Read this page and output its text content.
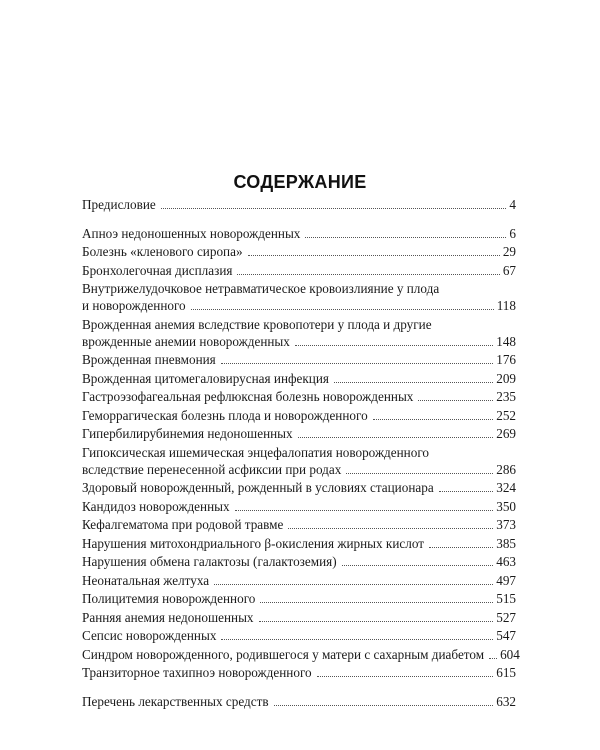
СОДЕРЖАНИЕ
Предисловие	4
Апноэ недоношенных новорожденных	6
Болезнь «кленового сиропа»	29
Бронхолегочная дисплазия	67
Внутрижелудочковое нетравматическое кровоизлияние у плода
и новорожденного	118
Врожденная анемия вследствие кровопотери у плода и другие
врожденные анемии новорожденных	148
Врожденная пневмония	176
Врожденная цитомегаловирусная инфекция	209
Гастроэзофагеальная рефлюксная болезнь новорожденных	235
Геморрагическая болезнь плода и новорожденного	252
Гипербилирубинемия недоношенных	269
Гипоксическая ишемическая энцефалопатия новорожденного
вследствие перенесенной асфиксии при родах	286
Здоровый новорожденный, рожденный в условиях стационара	324
Кандидоз новорожденных	350
Кефалгематома при родовой травме	373
Нарушения митохондриального β-окисления жирных кислот	385
Нарушения обмена галактозы (галактоземия)	463
Неонатальная желтуха	497
Полицитемия новорожденного	515
Ранняя анемия недоношенных	527
Сепсис новорожденных	547
Синдром новорожденного, родившегося у матери с сахарным диабетом 604
Транзиторное тахипноэ новорожденного	615
Перечень лекарственных средств	632
